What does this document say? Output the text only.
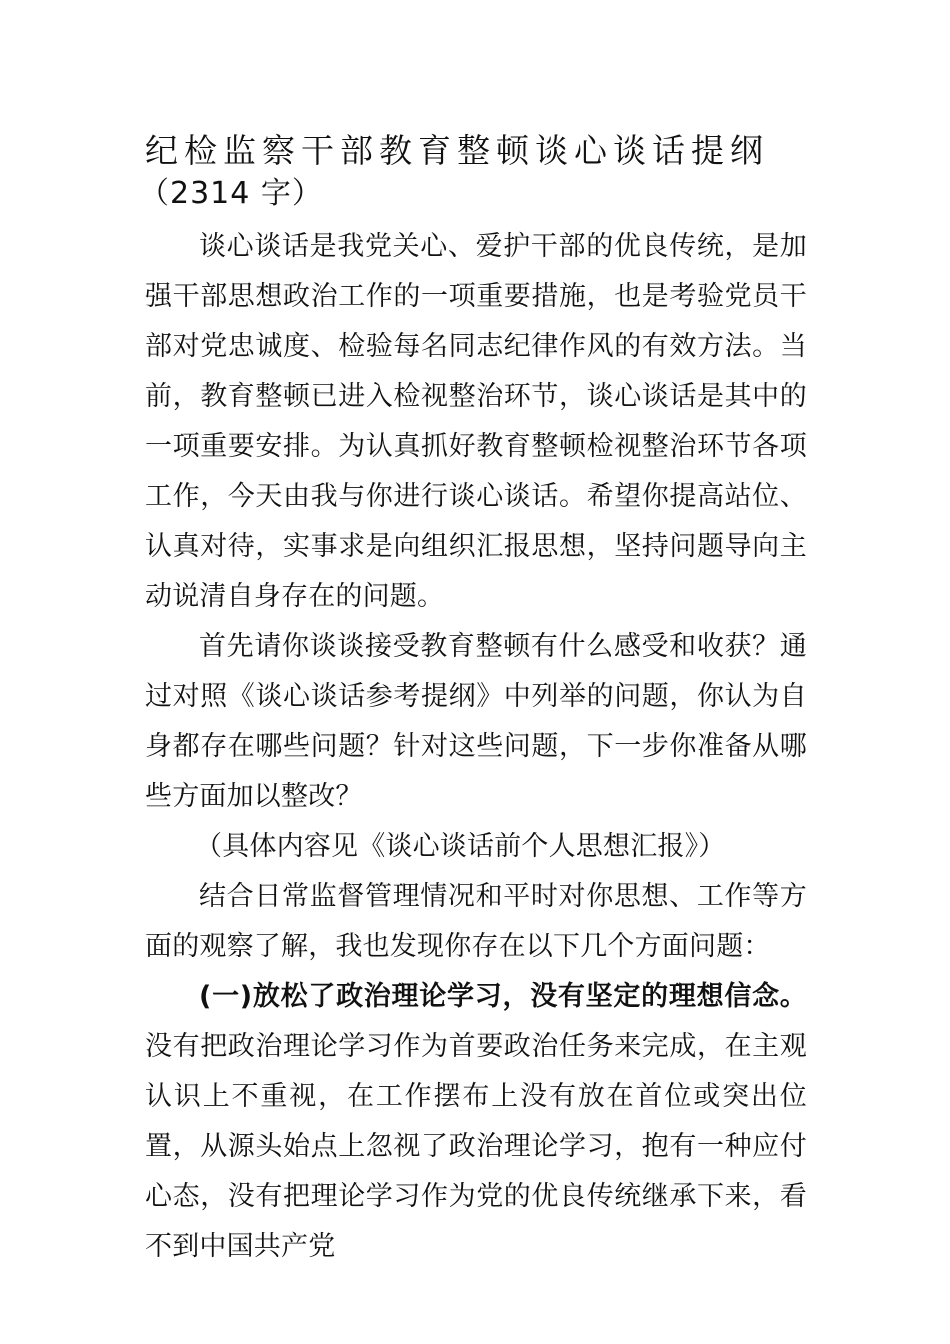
纪检监察干部教育整顿谈心谈话提纲
（2314 字）

谈心谈话是我党关心、爱护干部的优良传统，是加强干部思想政治工作的一项重要措施，也是考验党员干部对党忠诚度、检验每名同志纪律作风的有效方法。当前，教育整顿已进入检视整治环节，谈心谈话是其中的一项重要安排。为认真抓好教育整顿检视整治环节各项工作，今天由我与你进行谈心谈话。希望你提高站位、认真对待，实事求是向组织汇报思想，坚持问题导向主动说清自身存在的问题。

首先请你谈谈接受教育整顿有什么感受和收获？通过对照《谈心谈话参考提纲》中列举的问题，你认为自身都存在哪些问题？针对这些问题，下一步你准备从哪些方面加以整改？

（具体内容见《谈心谈话前个人思想汇报》）

结合日常监督管理情况和平时对你思想、工作等方面的观察了解，我也发现你存在以下几个方面问题：

(一)放松了政治理论学习，没有坚定的理想信念。没有把政治理论学习作为首要政治任务来完成，在主观认识上不重视，在工作摆布上没有放在首位或突出位置，从源头始点上忽视了政治理论学习，抱有一种应付心态，没有把理论学习作为党的优良传统继承下来，看不到中国共产党
